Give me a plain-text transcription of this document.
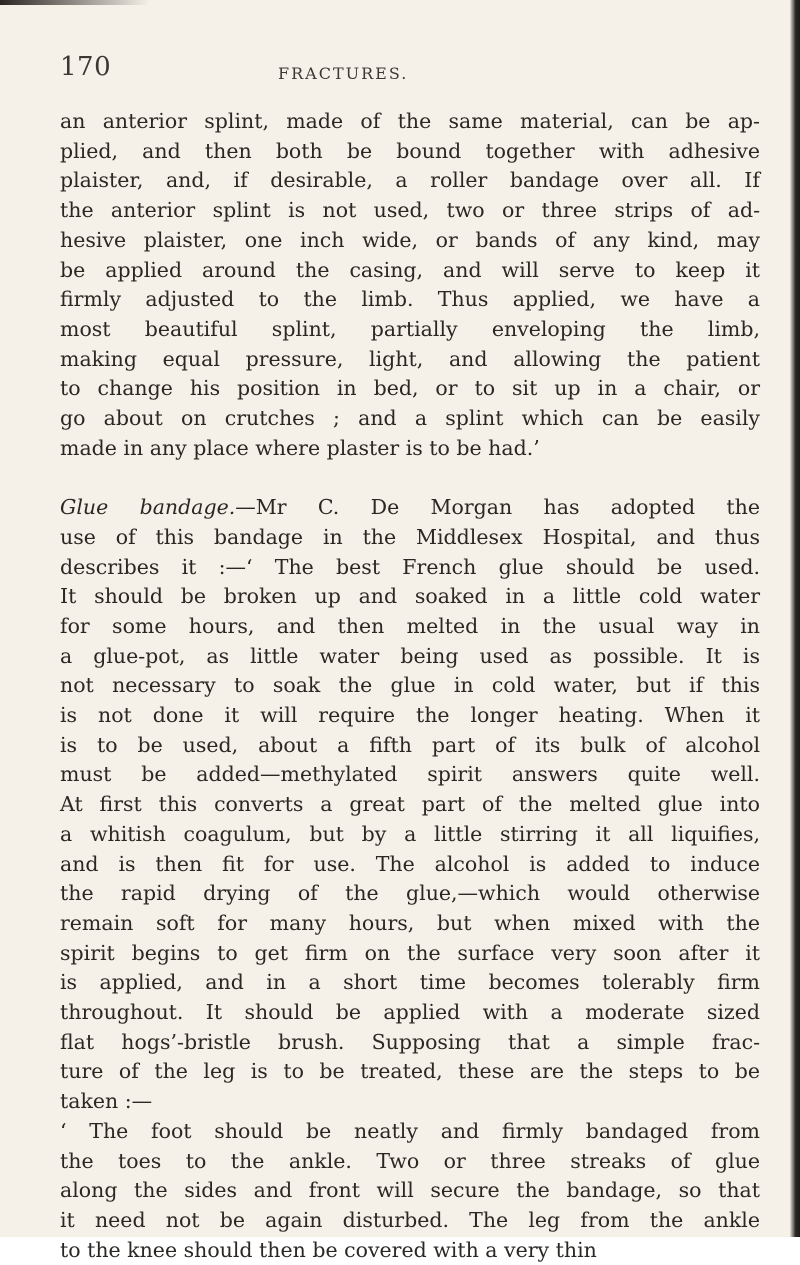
170	FRACTURES.
an anterior splint, made of the same material, can be ap-
plied, and then both be bound together with adhesive
plaister, and, if desirable, a roller bandage over all. If
the anterior splint is not used, two or three strips of ad-
hesive plaister, one inch wide, or bands of any kind, may
be applied around the casing, and will serve to keep it
firmly adjusted to the limb. Thus applied, we have a
most beautiful splint, partially enveloping the limb,
making equal pressure, light, and allowing the patient
to change his position in bed, or to sit up in a chair, or
go about on crutches ; and a splint which can be easily
made in any place where plaster is to be had.’
Glue bandage.—Mr C. De Morgan has adopted the
use of this bandage in the Middlesex Hospital, and thus
describes it :—‘ The best French glue should be used.
It should be broken up and soaked in a little cold water
for some hours, and then melted in the usual way in
a glue-pot, as little water being used as possible. It is
not necessary to soak the glue in cold water, but if this
is not done it will require the longer heating. When it
is to be used, about a fifth part of its bulk of alcohol
must be added—methylated spirit answers quite well.
At first this converts a great part of the melted glue into
a whitish coagulum, but by a little stirring it all liquifies,
and is then fit for use. The alcohol is added to induce
the rapid drying of the glue,—which would otherwise
remain soft for many hours, but when mixed with the
spirit begins to get firm on the surface very soon after it
is applied, and in a short time becomes tolerably firm
throughout. It should be applied with a moderate sized
flat hogs’-bristle brush. Supposing that a simple frac-
ture of the leg is to be treated, these are the steps to be
taken :—
‘ The foot should be neatly and firmly bandaged from
the toes to the ankle. Two or three streaks of glue
along the sides and front will secure the bandage, so that
it need not be again disturbed. The leg from the ankle
to the knee should then be covered with a very thin
